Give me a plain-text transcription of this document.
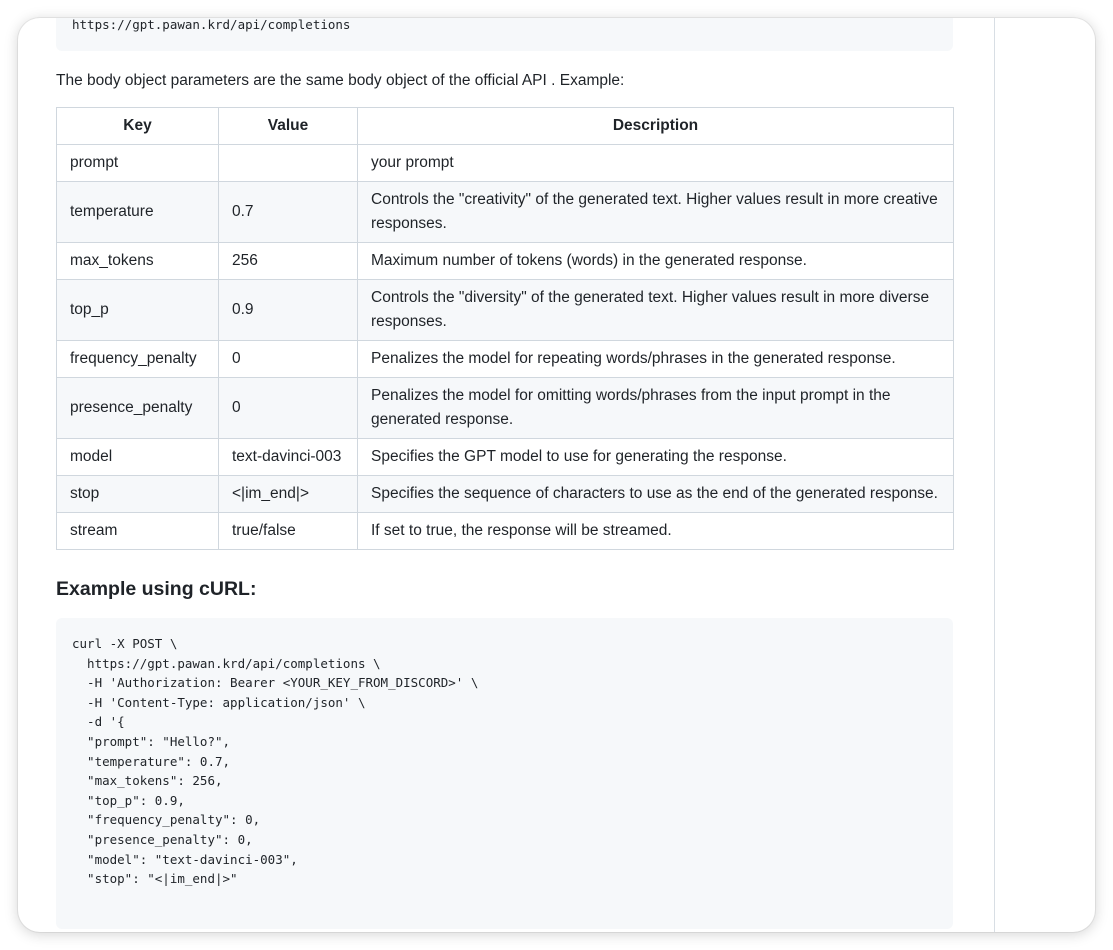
https://gpt.pawan.krd/api/completions

The body object parameters are the same body object of the official API . Example:

Key	Value	Description
prompt		your prompt
temperature	0.7	Controls the "creativity" of the generated text. Higher values result in more creative responses.
max_tokens	256	Maximum number of tokens (words) in the generated response.
top_p	0.9	Controls the "diversity" of the generated text. Higher values result in more diverse responses.
frequency_penalty	0	Penalizes the model for repeating words/phrases in the generated response.
presence_penalty	0	Penalizes the model for omitting words/phrases from the input prompt in the generated response.
model	text-davinci-003	Specifies the GPT model to use for generating the response.
stop	<|im_end|>	Specifies the sequence of characters to use as the end of the generated response.
stream	true/false	If set to true, the response will be streamed.
Example using cURL:
curl -X POST \
https://gpt.pawan.krd/api/completions \
-H 'Authorization: Bearer <YOUR_KEY_FROM_DISCORD>' \
-H 'Content-Type: application/json' \
-d '{
"prompt": "Hello?",
"temperature": 0.7,
"max_tokens": 256,
"top_p": 0.9,
"frequency_penalty": 0,
"presence_penalty": 0,
"model": "text-davinci-003",
"stop": "<|im_end|>"
